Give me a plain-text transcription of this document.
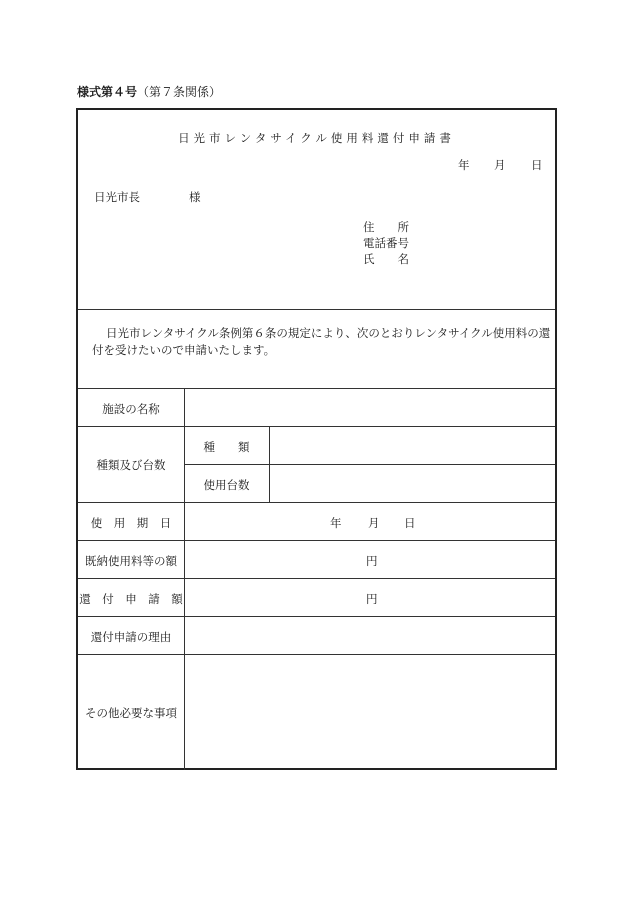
様式第４号（第７条関係）
日光市レンタサイクル使用料還付申請書
年 月 日
日光市長	様
住　　所
電話番号
氏　　名
日光市レンタサイクル条例第６条の規定により、次のとおりレンタサイクル使用料の還付を受けたいので申請いたします。
施設の名称
種類及び台数
種　　類
使用台数
使　用　期　日	年 月 日
既納使用料等の額	円
還　付　申　請　額	円
還付申請の理由
その他必要な事項
